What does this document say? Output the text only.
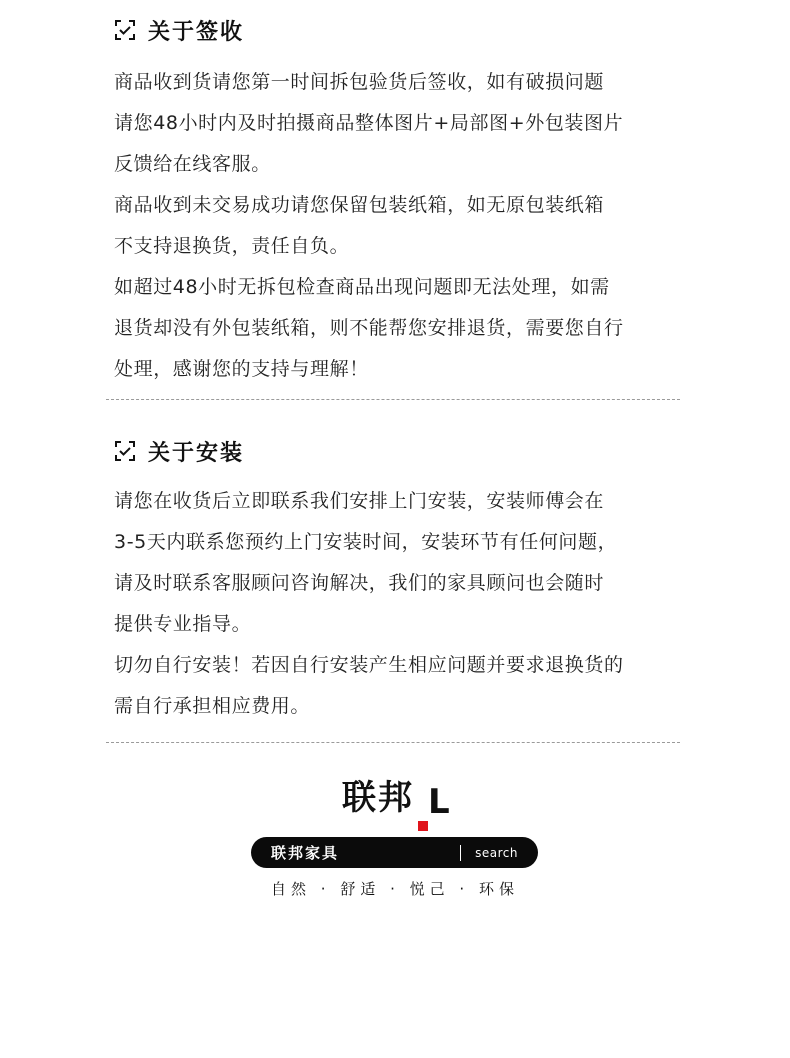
关于签收

商品收到货请您第一时间拆包验货后签收，如有破损问题

请您48小时内及时拍摄商品整体图片+局部图+外包装图片

反馈给在线客服。

商品收到未交易成功请您保留包装纸箱，如无原包装纸箱

不支持退换货，责任自负。

如超过48小时无拆包检查商品出现问题即无法处理，如需

退货却没有外包装纸箱，则不能帮您安排退货，需要您自行

处理，感谢您的支持与理解！

关于安装

请您在收货后立即联系我们安排上门安装，安装师傅会在

3-5天内联系您预约上门安装时间，安装环节有任何问题，

请及时联系客服顾问咨询解决，我们的家具顾问也会随时

提供专业指导。

切勿自行安装！若因自行安装产生相应问题并要求退换货的

需自行承担相应费用。

联邦 L
联邦家具	search
自然 · 舒适 · 悦己 · 环保
